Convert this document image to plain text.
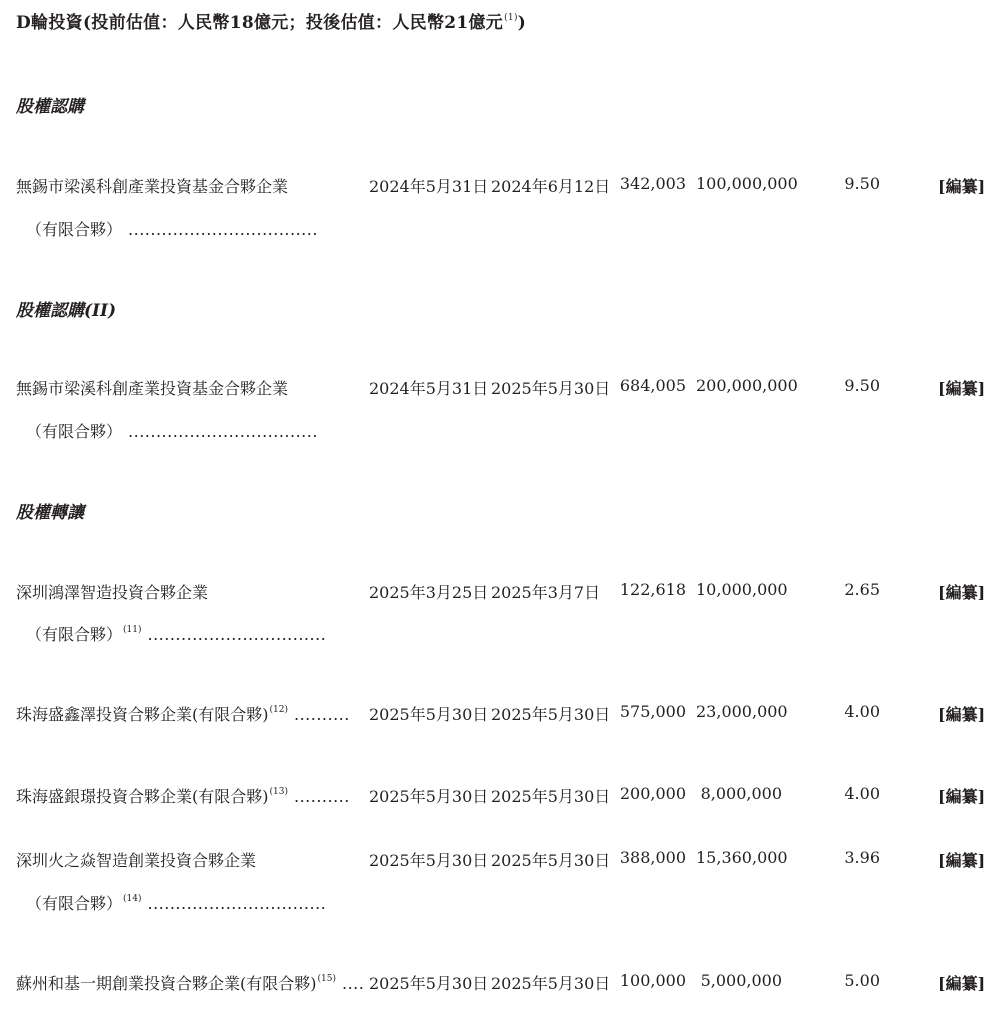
D輪投資(投前估值：人民幣18億元；投後估值：人民幣21億元$^{(1)}$)
股權認購
無錫市梁溪科創產業投資基金合夥企業	2024年5月31日 2024年6月12日 342,003 100,000,000	9.50	[編纂]
（有限合夥） ..................................
股權認購(II)
無錫市梁溪科創產業投資基金合夥企業	2024年5月31日 2025年5月30日 684,005 200,000,000	9.50	[編纂]
（有限合夥） ..................................
股權轉讓
深圳鴻澤智造投資合夥企業	2025年3月25日 2025年3月7日	122,618 10,000,000	2.65	[編纂]
（有限合夥）$^{(11)}$ ................................
珠海盛鑫澤投資合夥企業(有限合夥)$^{(12)}$ .......... 2025年5月30日 2025年5月30日 575,000 23,000,000	4.00	[編纂]
珠海盛銀璟投資合夥企業(有限合夥)$^{(13)}$ .......... 2025年5月30日 2025年5月30日 200,000 8,000,000	4.00	[編纂]
深圳火之焱智造創業投資合夥企業	2025年5月30日 2025年5月30日 388,000 15,360,000	3.96	[編纂]
（有限合夥）$^{(14)}$ ................................
蘇州和基一期創業投資合夥企業(有限合夥)$^{(15)}$ .... 2025年5月30日 2025年5月30日 100,000 5,000,000	5.00	[編纂]
